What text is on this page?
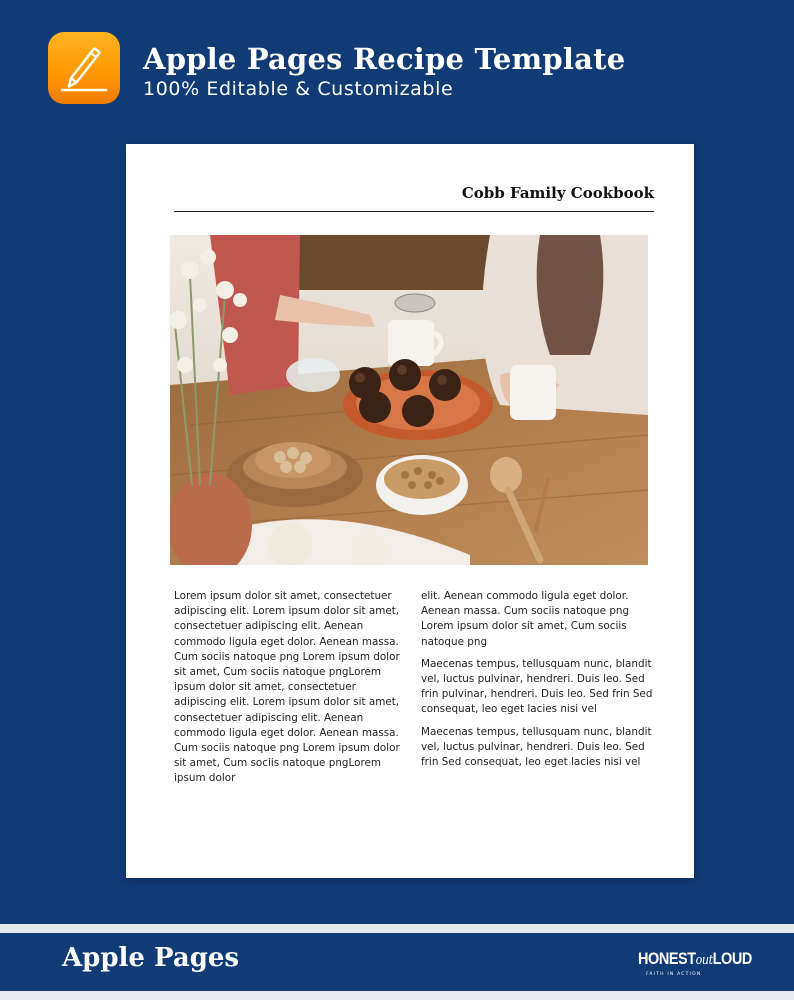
Apple Pages Recipe Template
100% Editable & Customizable
Cobb Family Cookbook

Lorem ipsum dolor sit amet, consectetuer adipiscing elit. Lorem ipsum dolor sit amet, consectetuer adipiscing elit. Aenean commodo ligula eget dolor. Aenean massa. Cum sociis natoque png Lorem ipsum dolor sit amet, Cum sociis natoque pngLorem ipsum dolor sit amet, consectetuer adipiscing elit. Lorem ipsum dolor sit amet, consectetuer adipiscing elit. Aenean commodo ligula eget dolor. Aenean massa. Cum sociis natoque png Lorem ipsum dolor sit amet, Cum sociis natoque pngLorem ipsum dolor

elit. Aenean commodo ligula eget dolor. Aenean massa. Cum sociis natoque png Lorem ipsum dolor sit amet, Cum sociis natoque png

Maecenas tempus, tellusquam nunc, blandit vel, luctus pulvinar, hendreri. Duis leo. Sed frin pulvinar, hendreri. Duis leo. Sed frin Sed consequat, leo eget lacies nisi vel

Maecenas tempus, tellusquam nunc, blandit vel, luctus pulvinar, hendreri. Duis leo. Sed frin Sed consequat, leo eget lacies nisi vel

Apple Pages	HONESToutLOUD
FAITH IN ACTION
